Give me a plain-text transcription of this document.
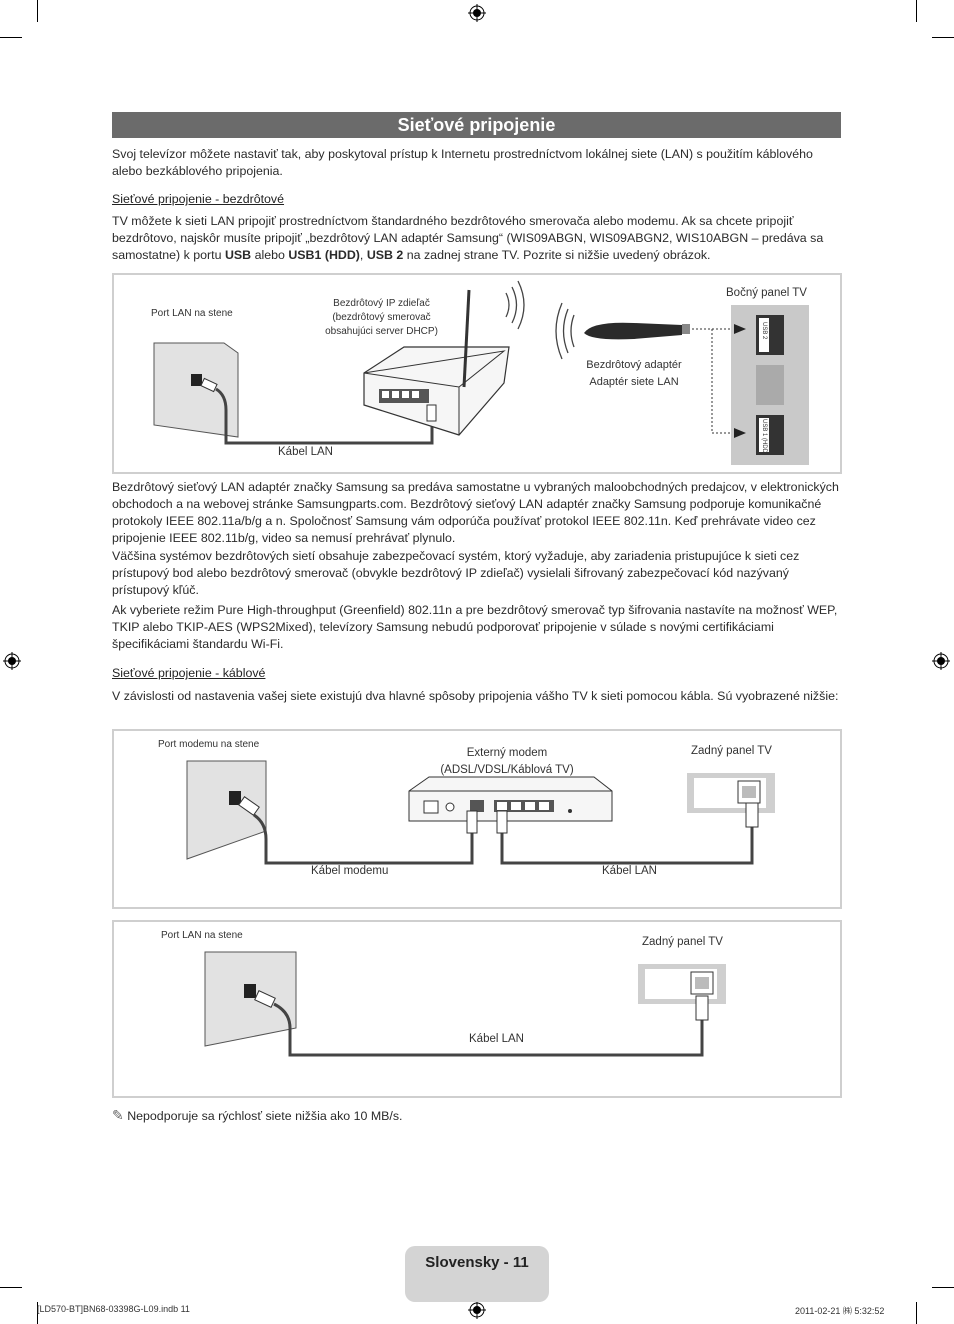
Sieťové pripojenie
Svoj televízor môžete nastaviť tak, aby poskytoval prístup k Internetu prostredníctvom lokálnej siete (LAN) s použitím káblového alebo bezkáblového pripojenia.
Sieťové pripojenie - bezdrôtové
TV môžete k sieti LAN pripojiť prostredníctvom štandardného bezdrôtového smerovača alebo modemu. Ak sa chcete pripojiť bezdrôtovo, najskôr musíte pripojiť „bezdrôtový LAN adaptér Samsung“ (WIS09ABGN, WIS09ABGN2, WIS10ABGN – predáva sa samostatne) k portu USB alebo USB1 (HDD), USB 2 na zadnej strane TV. Pozrite si nižšie uvedený obrázok.
Port LAN na stene
Bezdrôtový IP zdieľač
(bezdrôtový smerovač
obsahujúci server DHCP)
Bočný panel TV
Bezdrôtový adaptér
Adaptér siete LAN
Kábel LAN
USB 2
USB 1 (HDD)
Bezdrôtový sieťový LAN adaptér značky Samsung sa predáva samostatne u vybraných maloobchodných predajcov, v elektronických obchodoch a na webovej stránke Samsungparts.com. Bezdrôtový sieťový LAN adaptér značky Samsung podporuje komunikačné protokoly IEEE 802.11a/b/g a n. Spoločnosť Samsung vám odporúča používať protokol IEEE 802.11n. Keď prehrávate video cez pripojenie IEEE 802.11b/g, video sa nemusí prehrávať plynulo.
Väčšina systémov bezdrôtových sietí obsahuje zabezpečovací systém, ktorý vyžaduje, aby zariadenia pristupujúce k sieti cez prístupový bod alebo bezdrôtový smerovač (obvykle bezdrôtový IP zdieľač) vysielali šifrovaný zabezpečovací kód nazývaný prístupový kľúč.
Ak vyberiete režim Pure High-throughput (Greenfield) 802.11n a pre bezdrôtový smerovač typ šifrovania nastavíte na možnosť WEP, TKIP alebo TKIP-AES (WPS2Mixed), televízory Samsung nebudú podporovať pripojenie v súlade s novými certifikáciami špecifikáciami štandardu Wi-Fi.
Sieťové pripojenie - káblové
V závislosti od nastavenia vašej siete existujú dva hlavné spôsoby pripojenia vášho TV k sieti pomocou kábla. Sú vyobrazené nižšie:
Port modemu na stene
Externý modem
(ADSL/VDSL/Káblová TV)
Zadný panel TV
Kábel modemu	Kábel LAN
Port LAN na stene
Zadný panel TV
Kábel LAN
✎ Nepodporuje sa rýchlosť siete nižšia ako 10 MB/s.
Slovensky - 11
[LD570-BT]BN68-03398G-L09.indb 11	2011-02-21 ㈱ 5:32:52
